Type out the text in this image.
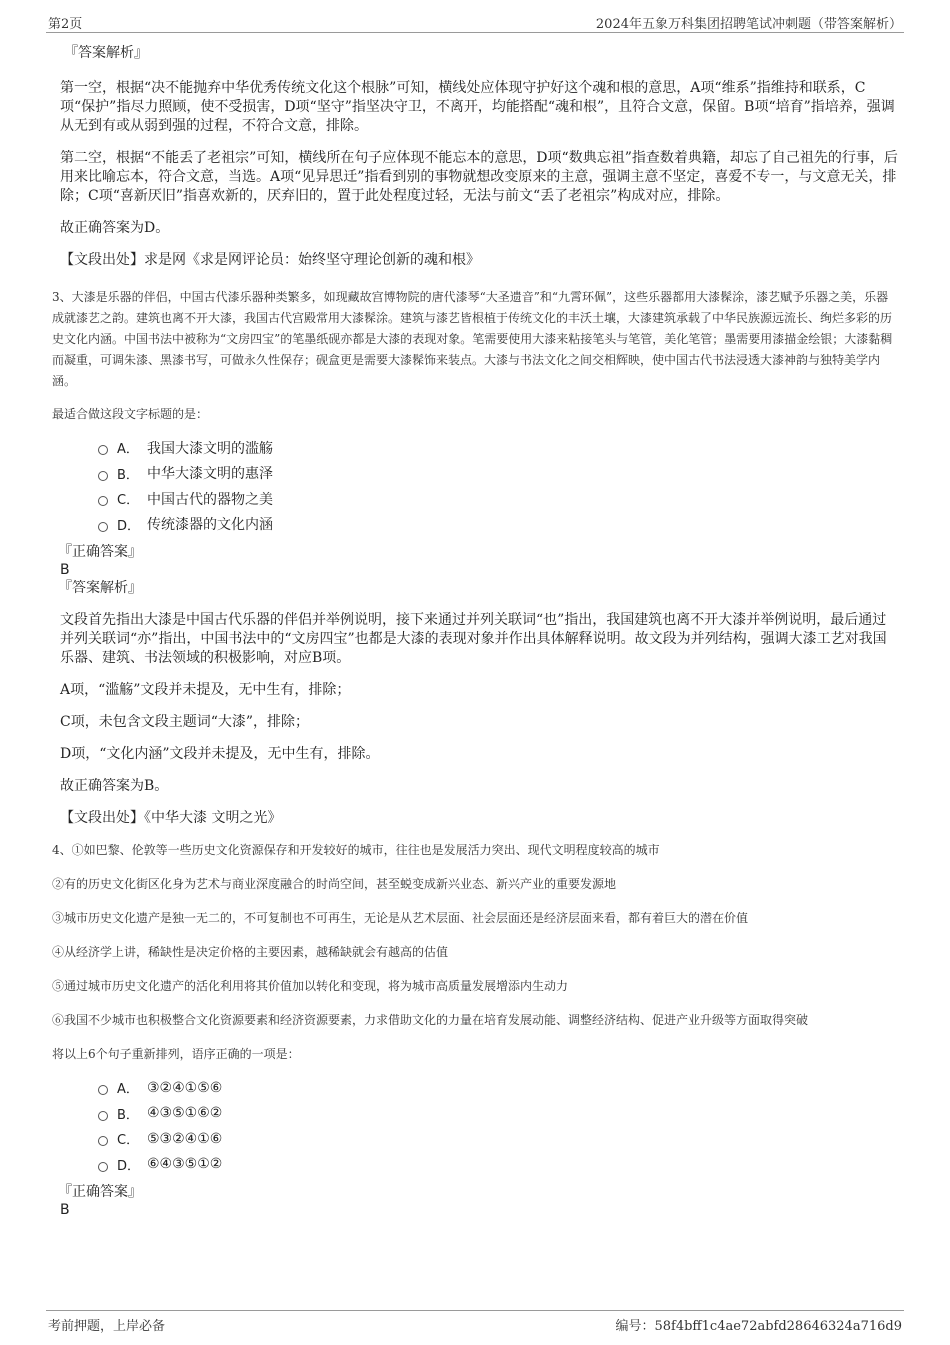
第2页	2024年五象万科集团招聘笔试冲刺题（带答案解析）

『答案解析』

第一空，根据“决不能抛弃中华优秀传统文化这个根脉”可知，横线处应体现守护好这个魂和根的意思，A项“维系”指维持和联系，C项“保护”指尽力照顾，使不受损害，D项“坚守”指坚决守卫，不离开，均能搭配“魂和根”，且符合文意，保留。B项“培育”指培养，强调从无到有或从弱到强的过程，不符合文意，排除。

第二空，根据“不能丢了老祖宗”可知，横线所在句子应体现不能忘本的意思，D项“数典忘祖”指查数着典籍，却忘了自己祖先的行事，后用来比喻忘本，符合文意，当选。A项“见异思迁”指看到别的事物就想改变原来的主意，强调主意不坚定，喜爱不专一，与文意无关，排除；C项“喜新厌旧”指喜欢新的，厌弃旧的，置于此处程度过轻，无法与前文“丢了老祖宗”构成对应，排除。

故正确答案为D。

【文段出处】求是网《求是网评论员：始终坚守理论创新的魂和根》

3、大漆是乐器的伴侣，中国古代漆乐器种类繁多，如现藏故宫博物院的唐代漆琴“大圣遗音”和“九霄环佩”，这些乐器都用大漆髹涂，漆艺赋予乐器之美，乐器成就漆艺之韵。建筑也离不开大漆，我国古代宫殿常用大漆髹涂。建筑与漆艺皆根植于传统文化的丰沃土壤，大漆建筑承载了中华民族源远流长、绚烂多彩的历史文化内涵。中国书法中被称为“文房四宝”的笔墨纸砚亦都是大漆的表现对象。笔需要使用大漆来粘接笔头与笔管，美化笔管；墨需要用漆描金绘银；大漆黏稠而凝重，可调朱漆、黑漆书写，可做永久性保存；砚盒更是需要大漆髹饰来装点。大漆与书法文化之间交相辉映，使中国古代书法浸透大漆神韵与独特美学内涵。

最适合做这段文字标题的是：

A． 我国大漆文明的滥觞
B． 中华大漆文明的惠泽
C． 中国古代的器物之美
D． 传统漆器的文化内涵

『正确答案』

B

『答案解析』

文段首先指出大漆是中国古代乐器的伴侣并举例说明，接下来通过并列关联词“也”指出，我国建筑也离不开大漆并举例说明，最后通过并列关联词“亦”指出，中国书法中的“文房四宝”也都是大漆的表现对象并作出具体解释说明。故文段为并列结构，强调大漆工艺对我国乐器、建筑、书法领域的积极影响，对应B项。

A项，“滥觞”文段并未提及，无中生有，排除；

C项，未包含文段主题词“大漆”，排除；

D项，“文化内涵”文段并未提及，无中生有，排除。

故正确答案为B。

【文段出处】《中华大漆 文明之光》

4、①如巴黎、伦敦等一些历史文化资源保存和开发较好的城市，往往也是发展活力突出、现代文明程度较高的城市

②有的历史文化街区化身为艺术与商业深度融合的时尚空间，甚至蜕变成新兴业态、新兴产业的重要发源地

③城市历史文化遗产是独一无二的，不可复制也不可再生，无论是从艺术层面、社会层面还是经济层面来看，都有着巨大的潜在价值

④从经济学上讲，稀缺性是决定价格的主要因素，越稀缺就会有越高的估值

⑤通过城市历史文化遗产的活化利用将其价值加以转化和变现，将为城市高质量发展增添内生动力

⑥我国不少城市也积极整合文化资源要素和经济资源要素，力求借助文化的力量在培育发展动能、调整经济结构、促进产业升级等方面取得突破

将以上6个句子重新排列，语序正确的一项是：

A． ③②④①⑤⑥
B． ④③⑤①⑥②
C． ⑤③②④①⑥
D． ⑥④③⑤①②

『正确答案』

B

考前押题，上岸必备	编号：58f4bff1c4ae72abfd28646324a716d9
